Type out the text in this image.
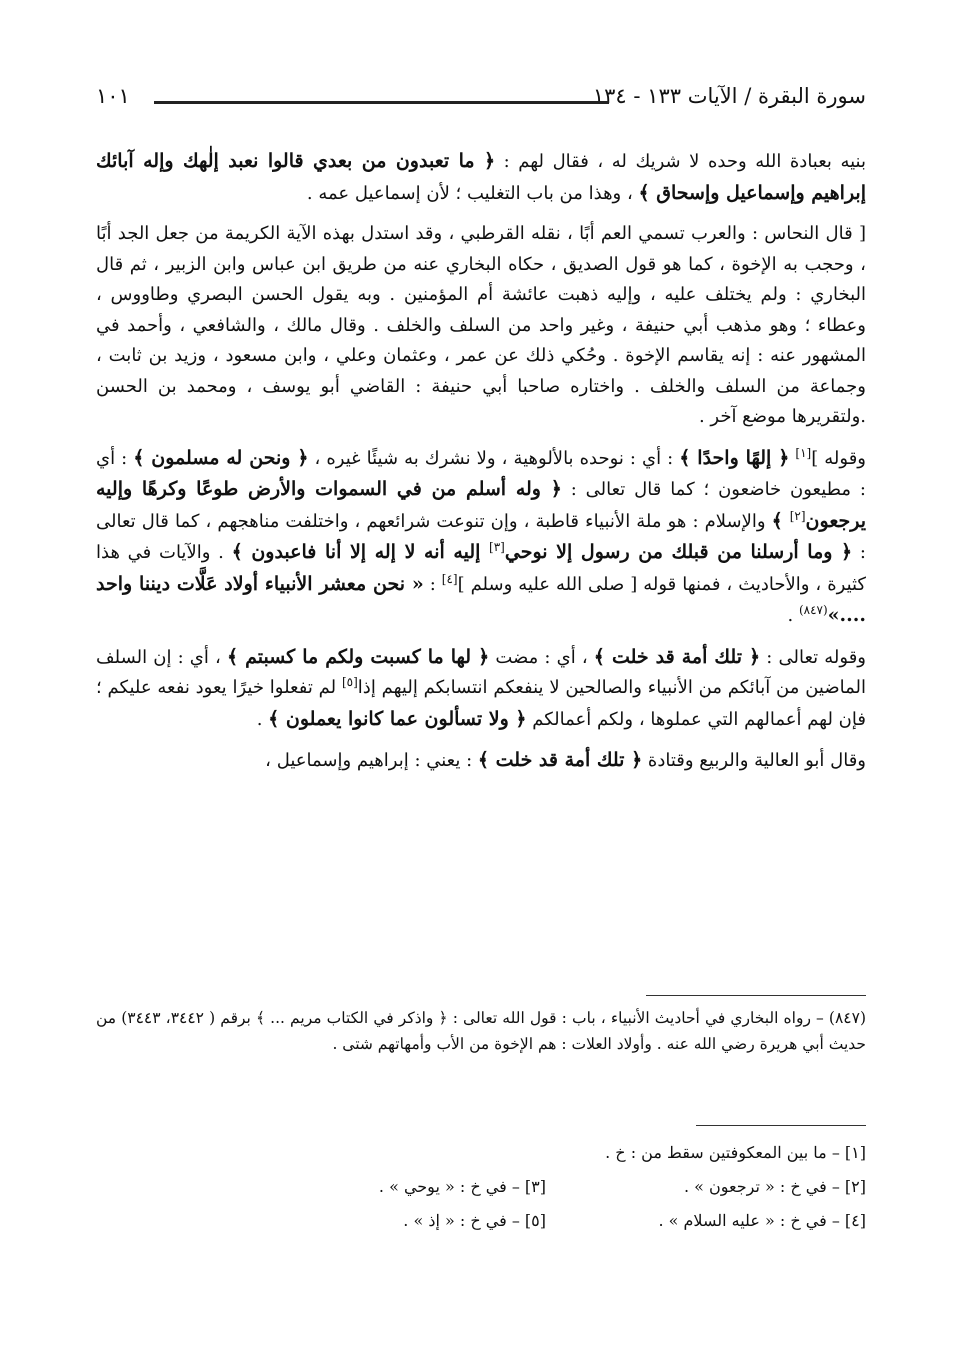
سورة البقرة / الآيات ١٣٣ - ١٣٤
١٠١

بنيه بعبادة الله وحده لا شريك له ، فقال لهم : ﴿ ما تعبدون من بعدي قالوا نعبد إلٰهك وإله آبائك إبراهيم وإسماعيل وإسحاق ﴾ ، وهذا من باب التغليب ؛ لأن إسماعيل عمه .

[ قال النحاس : والعرب تسمي العم أبًا ، نقله القرطبي ، وقد استدل بهذه الآية الكريمة من جعل الجد أبًا ، وحجب به الإخوة ، كما هو قول الصديق ، حكاه البخاري عنه من طريق ابن عباس وابن الزبير ، ثم قال البخاري : ولم يختلف عليه ، وإليه ذهبت عائشة أم المؤمنين . وبه يقول الحسن البصري وطاووس ، وعطاء ؛ وهو مذهب أبي حنيفة ، وغير واحد من السلف والخلف . وقال مالك ، والشافعي ، وأحمد في المشهور عنه : إنه يقاسم الإخوة . وحُكي ذلك عن عمر ، وعثمان وعلي ، وابن مسعود ، وزيد بن ثابت ، وجماعة من السلف والخلف . واختاره صاحبا أبي حنيفة : القاضي أبو يوسف ، ومحمد بن الحسن .ولتقريرها موضع آخر .

وقوله ][١] ﴿ إلهًا واحدًا ﴾ : أي : نوحده بالألوهية ، ولا نشرك به شيئًا غيره ، ﴿ ونحن له مسلمون ﴾ : أي : مطيعون خاضعون ؛ كما قال تعالى : ﴿ وله أسلم من في السموات والأرض طوعًا وكرهًا وإليه يرجعون[٢] ﴾ والإسلام : هو ملة الأنبياء قاطبة ، وإن تنوعت شرائعهم ، واختلفت مناهجهم ، كما قال تعالى : ﴿ وما أرسلنا من قبلك من رسول إلا نوحي[٣] إليه أنه لا إله إلا أنا فاعبدون ﴾ . والآيات في هذا كثيرة ، والأحاديث ، فمنها قوله [ صلى الله عليه وسلم ][٤] : « نحن معشر الأنبياء أولاد عَلَّات ديننا واحد ....»$^{(٨٤٧)}$ .

وقوله تعالى : ﴿ تلك أمة قد خلت ﴾ ، أي : مضت ﴿ لها ما كسبت ولكم ما كسبتم ﴾ ، أي : إن السلف الماضين من آبائكم من الأنبياء والصالحين لا ينفعكم انتسابكم إليهم إذا[٥] لم تفعلوا خيرًا يعود نفعه عليكم ؛ فإن لهم أعمالهم التي عملوها ، ولكم أعمالكم ﴿ ولا تسألون عما كانوا يعملون ﴾ .

وقال أبو العالية والربيع وقتادة ﴿ تلك أمة قد خلت ﴾ : يعني : إبراهيم وإسماعيل ،

(٨٤٧) – رواه البخاري في أحاديث الأنبياء ، باب : قول الله تعالى : ﴿ واذكر في الكتاب مريم ... ﴾ برقم ( ٣٤٤٢، ٣٤٤٣) من حديث أبي هريرة رضي الله عنه . وأولاد العلات : هم الإخوة من الأب وأمهاتهم شتى .

[١] – ما بين المعكوفتين سقط من : خ .
[٢] – في خ : « ترجعون » .
[٣] – في خ : « يوحي » .
[٤] – في خ : « عليه السلام » .
[٥] – في خ : « إذ » .
